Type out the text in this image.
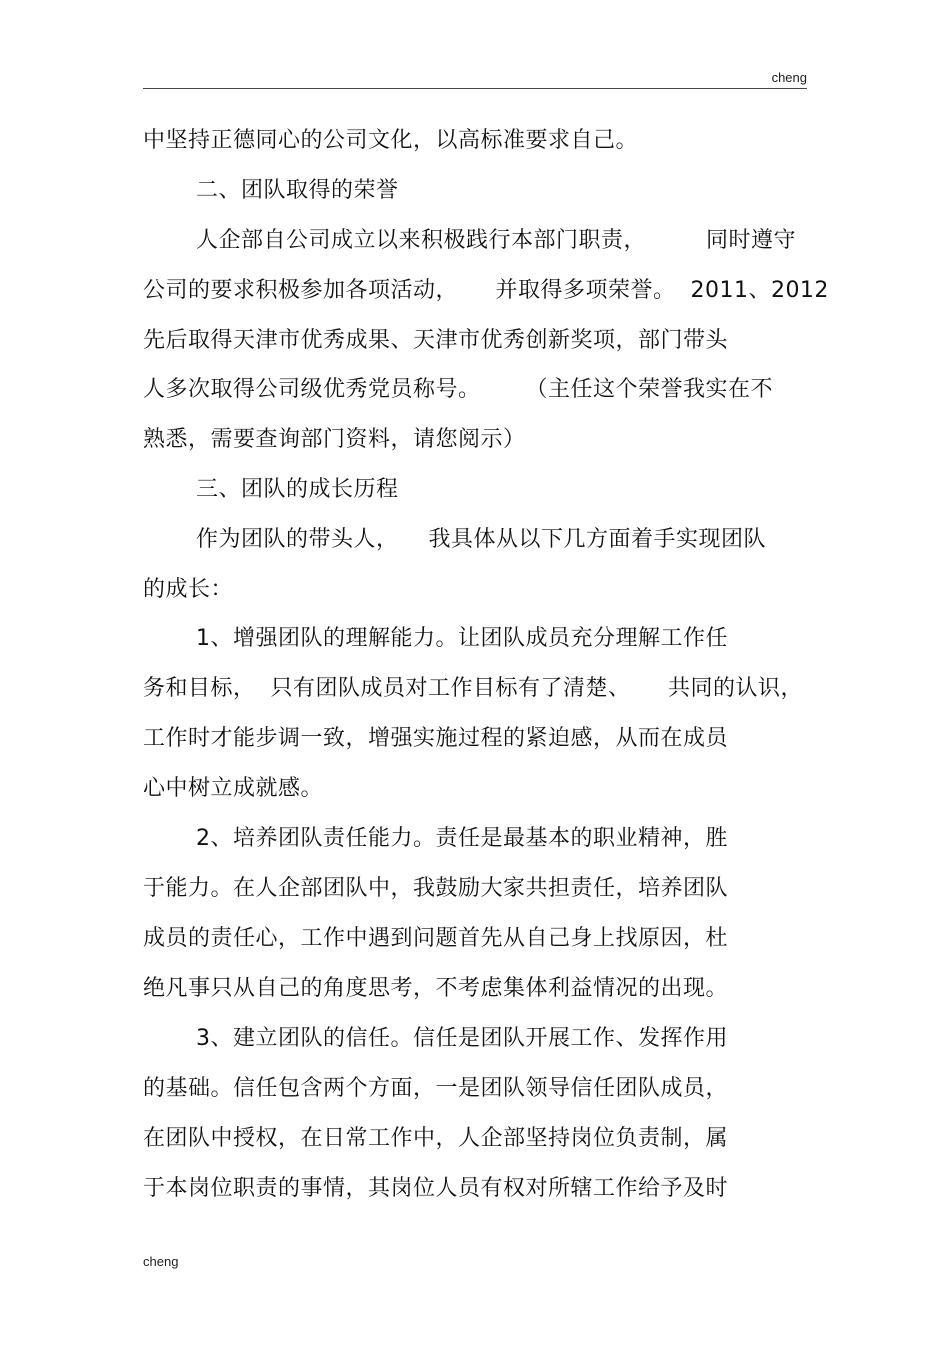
cheng
中坚持正德同心的公司文化，以高标准要求自己。
二、团队取得的荣誉
人企部自公司成立以来积极践行本部门职责，        同时遵守
公司的要求积极参加各项活动，     并取得多项荣誉。  2011、2012
先后取得天津市优秀成果、天津市优秀创新奖项，部门带头
人多次取得公司级优秀党员称号。      （主任这个荣誉我实在不
熟悉，需要查询部门资料，请您阅示）
三、团队的成长历程
作为团队的带头人，    我具体从以下几方面着手实现团队
的成长：
1、增强团队的理解能力。让团队成员充分理解工作任
务和目标，  只有团队成员对工作目标有了清楚、     共同的认识，
工作时才能步调一致，增强实施过程的紧迫感，从而在成员
心中树立成就感。
2、培养团队责任能力。责任是最基本的职业精神，胜
于能力。在人企部团队中，我鼓励大家共担责任，培养团队
成员的责任心，工作中遇到问题首先从自己身上找原因，杜
绝凡事只从自己的角度思考，不考虑集体利益情况的出现。
3、建立团队的信任。信任是团队开展工作、发挥作用
的基础。信任包含两个方面，一是团队领导信任团队成员，
在团队中授权，在日常工作中，人企部坚持岗位负责制，属
于本岗位职责的事情，其岗位人员有权对所辖工作给予及时
cheng
